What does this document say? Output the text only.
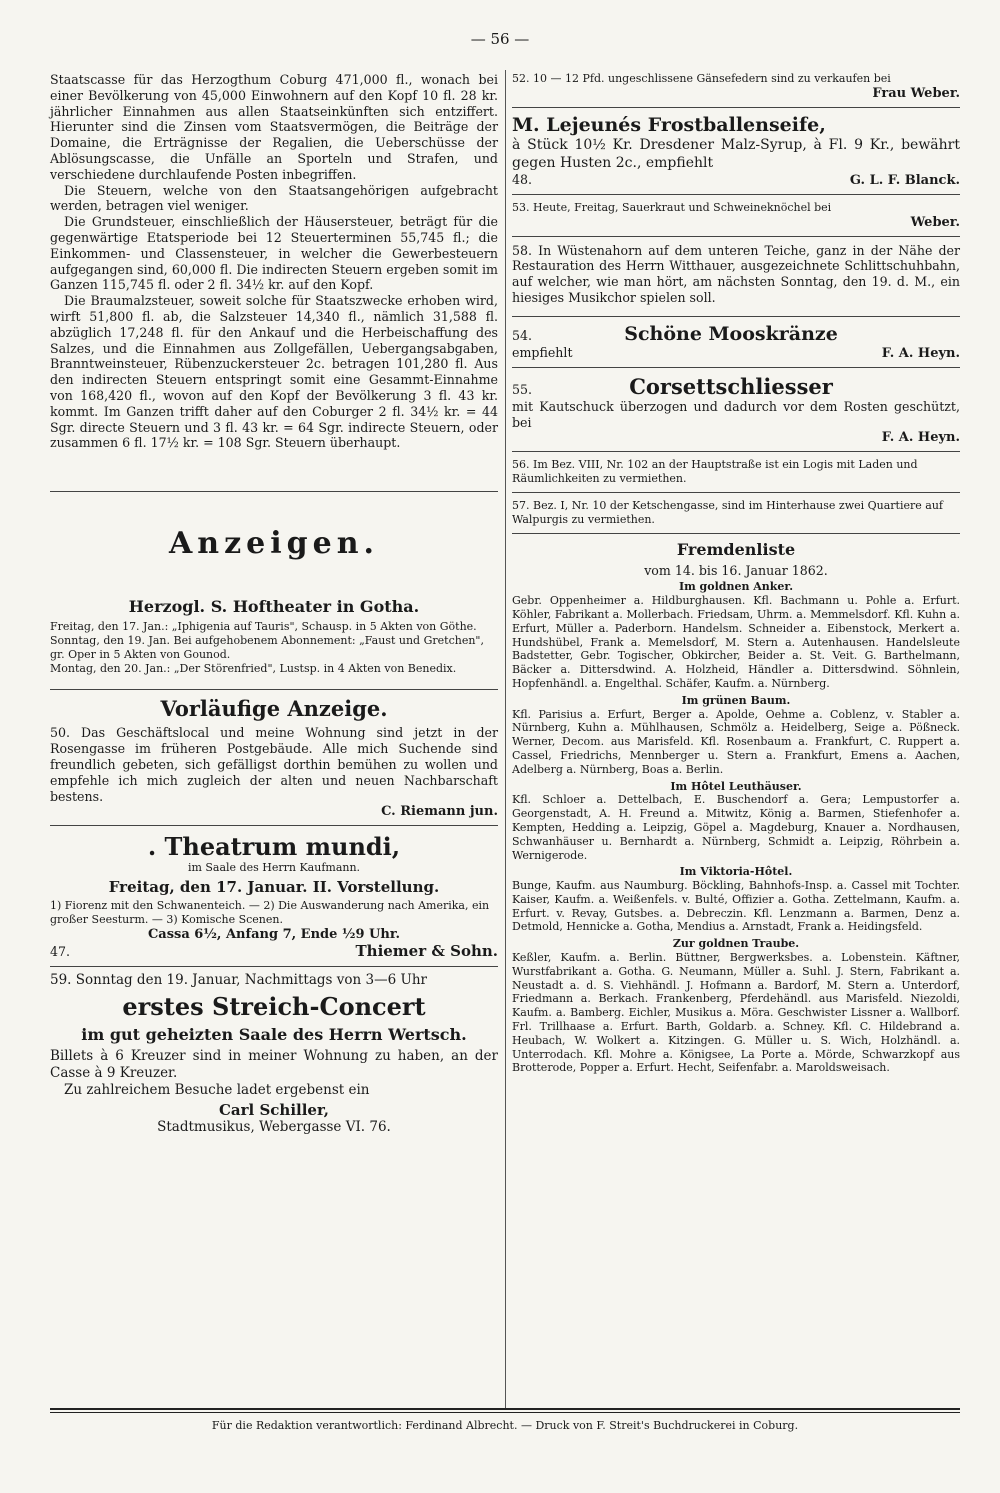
— 56 —

Staatscasse für das Herzogthum Coburg 471,000 fl., wonach bei einer Bevölkerung von 45,000 Einwohnern auf den Kopf 10 fl. 28 kr. jährlicher Einnahmen aus allen Staatseinkünften sich entziffert. Hierunter sind die Zinsen vom Staatsvermögen, die Beiträge der Domaine, die Erträgnisse der Regalien, die Ueberschüsse der Ablösungscasse, die Unfälle an Sporteln und Strafen, und verschiedene durchlaufende Posten inbegriffen.

Die Steuern, welche von den Staatsangehörigen aufgebracht werden, betragen viel weniger.

Die Grundsteuer, einschließlich der Häusersteuer, beträgt für die gegenwärtige Etatsperiode bei 12 Steuerterminen 55,745 fl.; die Einkommen- und Classensteuer, in welcher die Gewerbesteuern aufgegangen sind, 60,000 fl. Die indirecten Steuern ergeben somit im Ganzen 115,745 fl. oder 2 fl. 34½ kr. auf den Kopf.

Die Braumalzsteuer, soweit solche für Staatszwecke erhoben wird, wirft 51,800 fl. ab, die Salzsteuer 14,340 fl., nämlich 31,588 fl. abzüglich 17,248 fl. für den Ankauf und die Herbeischaffung des Salzes, und die Einnahmen aus Zollgefällen, Uebergangsabgaben, Branntweinsteuer, Rübenzuckersteuer 2c. betragen 101,280 fl. Aus den indirecten Steuern entspringt somit eine Gesammt-Einnahme von 168,420 fl., wovon auf den Kopf der Bevölkerung 3 fl. 43 kr. kommt. Im Ganzen trifft daher auf den Coburger 2 fl. 34½ kr. = 44 Sgr. directe Steuern und 3 fl. 43 kr. = 64 Sgr. indirecte Steuern, oder zusammen 6 fl. 17½ kr. = 108 Sgr. Steuern überhaupt.

Anzeigen.
Herzogl. S. Hoftheater in Gotha.

Freitag, den 17. Jan.: „Iphigenia auf Tauris", Schausp. in 5 Akten von Göthe.

Sonntag, den 19. Jan. Bei aufgehobenem Abonnement: „Faust und Gretchen", gr. Oper in 5 Akten von Gounod.

Montag, den 20. Jan.: „Der Störenfried", Lustsp. in 4 Akten von Benedix.

Vorläufige Anzeige.

50. Das Geschäftslocal und meine Wohnung sind jetzt in der Rosengasse im früheren Postgebäude. Alle mich Suchende sind freundlich gebeten, sich gefälligst dorthin bemühen zu wollen und empfehle ich mich zugleich der alten und neuen Nachbarschaft bestens.

C. Riemann jun.

. Theatrum mundi,

im Saale des Herrn Kaufmann.

Freitag, den 17. Januar. II. Vorstellung.

1) Fiorenz mit den Schwanenteich. — 2) Die Auswanderung nach Amerika, ein großer Seesturm. — 3) Komische Scenen.

Cassa 6½, Anfang 7, Ende ½9 Uhr.

47.	Thiemer & Sohn.

59. Sonntag den 19. Januar, Nachmittags von 3—6 Uhr

erstes Streich-Concert
im gut geheizten Saale des Herrn Wertsch.

Billets à 6 Kreuzer sind in meiner Wohnung zu haben, an der Casse à 9 Kreuzer.

Zu zahlreichem Besuche ladet ergebenst ein

Carl Schiller,

Stadtmusikus, Webergasse VI. 76.

52. 10 — 12 Pfd. ungeschlissene Gänsefedern sind zu verkaufen bei

Frau Weber.

M. Lejeunés Frostballenseife,

à Stück 10½ Kr. Dresdener Malz-Syrup, à Fl. 9 Kr., bewährt gegen Husten 2c., empfiehlt

48.	G. L. F. Blanck.

53. Heute, Freitag, Sauerkraut und Schweineknöchel bei

Weber.

58. In Wüstenahorn auf dem unteren Teiche, ganz in der Nähe der Restauration des Herrn Witthauer, ausgezeichnete Schlittschuhbahn, auf welcher, wie man hört, am nächsten Sonntag, den 19. d. M., ein hiesiges Musikchor spielen soll.

54.	Schöne Mooskränze
empfiehlt	F. A. Heyn.
55.	Corsettschliesser

mit Kautschuck überzogen und dadurch vor dem Rosten geschützt, bei

F. A. Heyn.

56. Im Bez. VIII, Nr. 102 an der Hauptstraße ist ein Logis mit Laden und Räumlichkeiten zu vermiethen.

57. Bez. I, Nr. 10 der Ketschengasse, sind im Hinterhause zwei Quartiere auf Walpurgis zu vermiethen.

Fremdenliste

vom 14. bis 16. Januar 1862.

Im goldnen Anker.

Gebr. Oppenheimer a. Hildburghausen. Kfl. Bachmann u. Pohle a. Erfurt. Köhler, Fabrikant a. Mollerbach. Friedsam, Uhrm. a. Memmelsdorf. Kfl. Kuhn a. Erfurt, Müller a. Paderborn. Handelsm. Schneider a. Eibenstock, Merkert a. Hundshübel, Frank a. Memelsdorf, M. Stern a. Autenhausen. Handelsleute Badstetter, Gebr. Togischer, Obkircher, Beider a. St. Veit. G. Barthelmann, Bäcker a. Dittersdwind. A. Holzheid, Händler a. Dittersdwind. Söhnlein, Hopfenhändl. a. Engelthal. Schäfer, Kaufm. a. Nürnberg.

Im grünen Baum.

Kfl. Parisius a. Erfurt, Berger a. Apolde, Oehme a. Coblenz, v. Stabler a. Nürnberg, Kuhn a. Mühlhausen, Schmölz a. Heidelberg, Seige a. Pößneck. Werner, Decom. aus Marisfeld. Kfl. Rosenbaum a. Frankfurt, C. Ruppert a. Cassel, Friedrichs, Mennberger u. Stern a. Frankfurt, Emens a. Aachen, Adelberg a. Nürnberg, Boas a. Berlin.

Im Hôtel Leuthäuser.

Kfl. Schloer a. Dettelbach, E. Buschendorf a. Gera; Lempustorfer a. Georgenstadt, A. H. Freund a. Mitwitz, König a. Barmen, Stiefenhofer a. Kempten, Hedding a. Leipzig, Göpel a. Magdeburg, Knauer a. Nordhausen, Schwanhäuser u. Bernhardt a. Nürnberg, Schmidt a. Leipzig, Röhrbein a. Wernigerode.

Im Viktoria-Hôtel.

Bunge, Kaufm. aus Naumburg. Böckling, Bahnhofs-Insp. a. Cassel mit Tochter. Kaiser, Kaufm. a. Weißenfels. v. Bulté, Offizier a. Gotha. Zettelmann, Kaufm. a. Erfurt. v. Revay, Gutsbes. a. Debreczin. Kfl. Lenzmann a. Barmen, Denz a. Detmold, Hennicke a. Gotha, Mendius a. Arnstadt, Frank a. Heidingsfeld.

Zur goldnen Traube.

Keßler, Kaufm. a. Berlin. Büttner, Bergwerksbes. a. Lobenstein. Käftner, Wurstfabrikant a. Gotha. G. Neumann, Müller a. Suhl. J. Stern, Fabrikant a. Neustadt a. d. S. Viehhändl. J. Hofmann a. Bardorf, M. Stern a. Unterdorf, Friedmann a. Berkach. Frankenberg, Pferdehändl. aus Marisfeld. Niezoldi, Kaufm. a. Bamberg. Eichler, Musikus a. Möra. Geschwister Lissner a. Wallborf. Frl. Trillhaase a. Erfurt. Barth, Goldarb. a. Schney. Kfl. C. Hildebrand a. Heubach, W. Wolkert a. Kitzingen. G. Müller u. S. Wich, Holzhändl. a. Unterrodach. Kfl. Mohre a. Königsee, La Porte a. Mörde, Schwarzkopf aus Brotterode, Popper a. Erfurt. Hecht, Seifenfabr. a. Maroldsweisach.

Für die Redaktion verantwortlich: Ferdinand Albrecht. — Druck von F. Streit's Buchdruckerei in Coburg.
